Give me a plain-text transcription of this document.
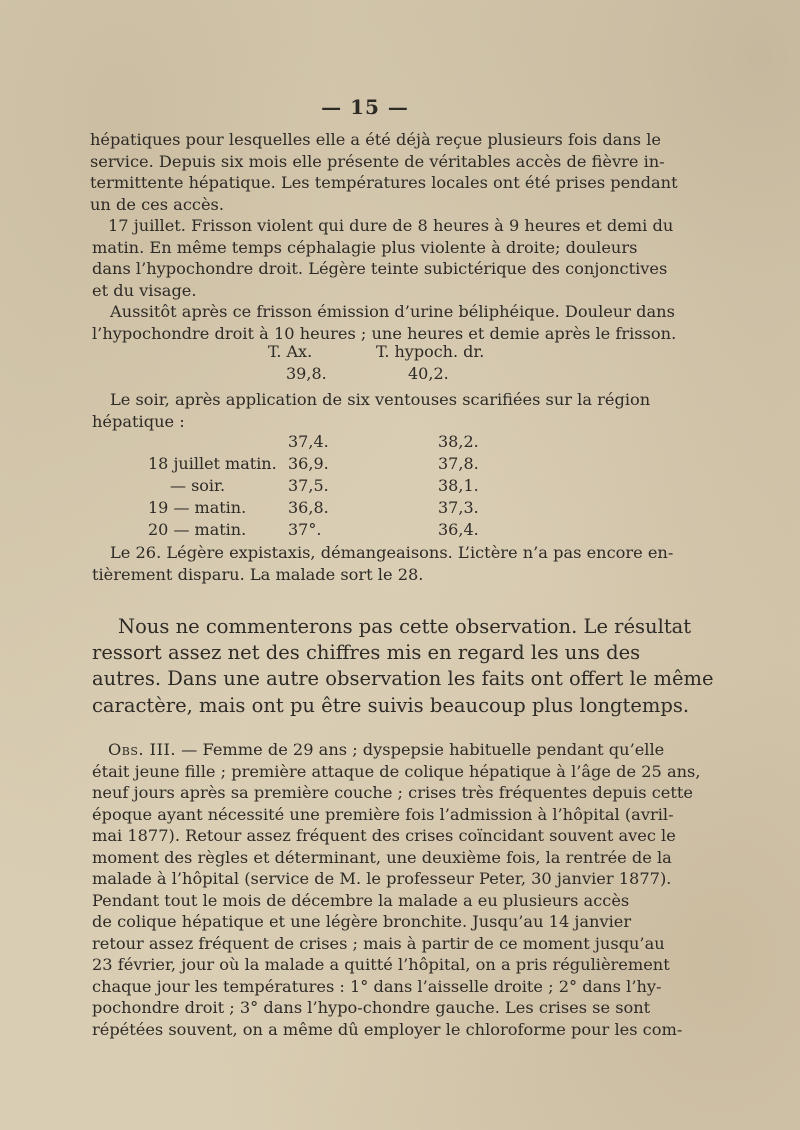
— 15 —

hépatiques pour lesquelles elle a été déjà reçue plusieurs fois dans le
service. Depuis six mois elle présente de véritables accès de fièvre in-
termittente hépatique. Les températures locales ont été prises pendant
un de ces accès.

17 juillet. Frisson violent qui dure de 8 heures à 9 heures et demi du
matin. En même temps céphalagie plus violente à droite; douleurs
dans l’hypochondre droit. Légère teinte subictérique des conjonctives
et du visage.

Aussitôt après ce frisson émission d’urine béliphéique. Douleur dans
l’hypochondre droit à 10 heures ; une heures et demie après le frisson.

T. Ax.	T. hypoch. dr.
39,8.	40,2.

Le soir, après application de six ventouses scarifiées sur la région
hépatique :

37,4.	38,2.
18 juillet matin. 36,9.	37,8.
— soir.	37,5.	38,1.
19 — matin.	36,8.	37,3.
20 — matin.	37°.	36,4.

Le 26. Légère expistaxis, démangeaisons. L’ictère n’a pas encore en-
tièrement disparu. La malade sort le 28.

Nous ne commenterons pas cette observation. Le résultat
ressort assez net des chiffres mis en regard les uns des
autres. Dans une autre observation les faits ont offert le même
caractère, mais ont pu être suivis beaucoup plus longtemps.

Obs. III. — Femme de 29 ans ; dyspepsie habituelle pendant qu’elle
était jeune fille ; première attaque de colique hépatique à l’âge de 25 ans,
neuf jours après sa première couche ; crises très fréquentes depuis cette
époque ayant nécessité une première fois l’admission à l’hôpital (avril-
mai 1877). Retour assez fréquent des crises coïncidant souvent avec le
moment des règles et déterminant, une deuxième fois, la rentrée de la
malade à l’hôpital (service de M. le professeur Peter, 30 janvier 1877).
Pendant tout le mois de décembre la malade a eu plusieurs accès
de colique hépatique et une légère bronchite. Jusqu’au 14 janvier
retour assez fréquent de crises ; mais à partir de ce moment jusqu’au
23 février, jour où la malade a quitté l’hôpital, on a pris régulièrement
chaque jour les températures : 1° dans l’aisselle droite ; 2° dans l’hy-
pochondre droit ; 3° dans l’hypo-chondre gauche. Les crises se sont
répétées souvent, on a même dû employer le chloroforme pour les com-
